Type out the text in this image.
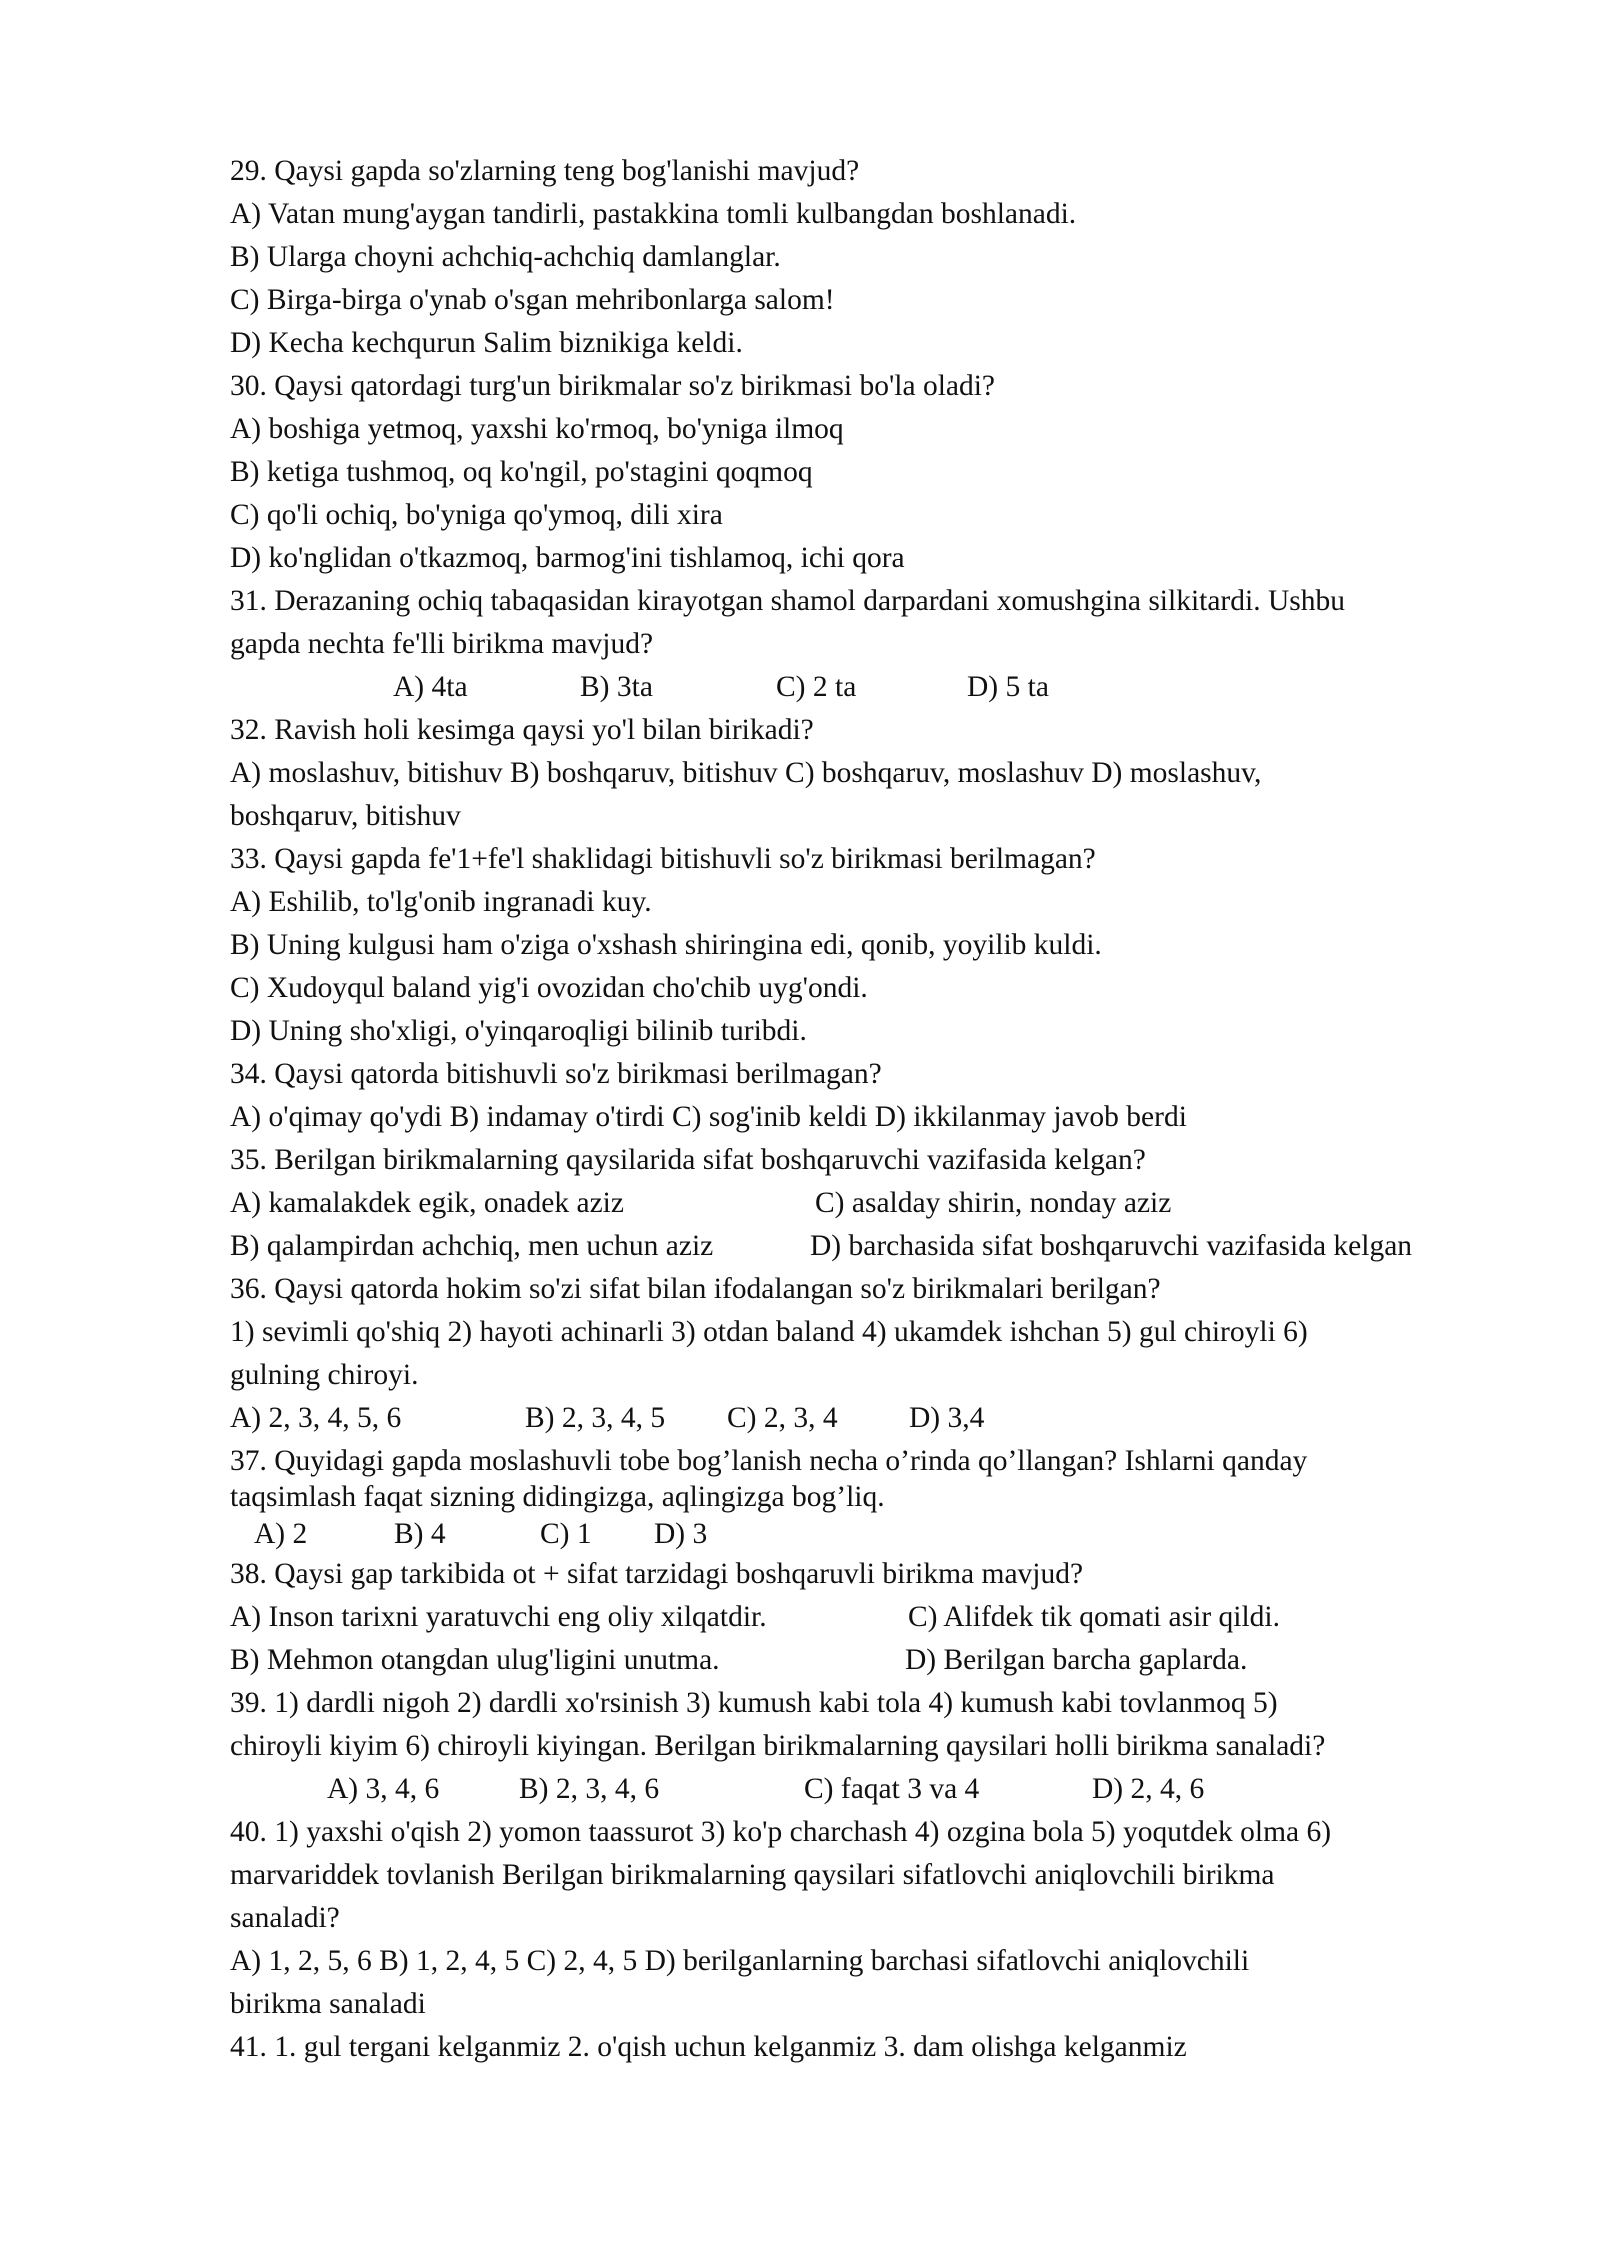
29. Qaysi gapda so'zlarning teng bog'lanishi mavjud?

A) Vatan mung'aygan tandirli, pastakkina tomli kulbangdan boshlanadi.

B) Ularga choyni achchiq-achchiq damlanglar.

C) Birga-birga o'ynab o'sgan mehribonlarga salom!

D) Kecha kechqurun Salim biznikiga keldi.

30. Qaysi qatordagi turg'un birikmalar so'z birikmasi bo'la oladi?

A) boshiga yetmoq, yaxshi ko'rmoq, bo'yniga ilmoq

B) ketiga tushmoq, oq ko'ngil, po'stagini qoqmoq

C) qo'li ochiq, bo'yniga qo'ymoq, dili xira

D) ko'nglidan o'tkazmoq, barmog'ini tishlamoq, ichi qora

31. Derazaning ochiq tabaqasidan kirayotgan shamol darpardani xomushgina silkitardi. Ushbu

gapda nechta fe'lli birikma mavjud?

A) 4ta	B) 3ta	C) 2 ta	D) 5 ta

32. Ravish holi kesimga qaysi yo'l bilan birikadi?

A) moslashuv, bitishuv B) boshqaruv, bitishuv C) boshqaruv, moslashuv D) moslashuv,

boshqaruv, bitishuv

33. Qaysi gapda fe'1+fe'l shaklidagi bitishuvli so'z birikmasi berilmagan?

A) Eshilib, to'lg'onib ingranadi kuy.

B) Uning kulgusi ham o'ziga o'xshash shiringina edi, qonib, yoyilib kuldi.

C) Xudoyqul baland yig'i ovozidan cho'chib uyg'ondi.

D) Uning sho'xligi, o'yinqaroqligi bilinib turibdi.

34. Qaysi qatorda bitishuvli so'z birikmasi berilmagan?

A) o'qimay qo'ydi B) indamay o'tirdi C) sog'inib keldi D) ikkilanmay javob berdi

35. Berilgan birikmalarning qaysilarida sifat boshqaruvchi vazifasida kelgan?

A) kamalakdek egik, onadek aziz	C) asalday shirin, nonday aziz

B) qalampirdan achchiq, men uchun aziz	D) barchasida sifat boshqaruvchi vazifasida kelgan

36. Qaysi qatorda hokim so'zi sifat bilan ifodalangan so'z birikmalari berilgan?

1) sevimli qo'shiq 2) hayoti achinarli 3) otdan baland 4) ukamdek ishchan 5) gul chiroyli 6)

gulning chiroyi.

A) 2, 3, 4, 5, 6	B) 2, 3, 4, 5 C) 2, 3, 4 D) 3,4

37. Quyidagi gapda moslashuvli tobe bog’lanish necha o’rinda qo’llangan? Ishlarni qanday

taqsimlash faqat sizning didingizga, aqlingizga bog’liq.

A) 2	B) 4	C) 1 D) 3

38. Qaysi gap tarkibida ot + sifat tarzidagi boshqaruvli birikma mavjud?

A) Inson tarixni yaratuvchi eng oliy xilqatdir.	C) Alifdek tik qomati asir qildi.

B) Mehmon otangdan ulug'ligini unutma.	D) Berilgan barcha gaplarda.

39. 1) dardli nigoh 2) dardli xo'rsinish 3) kumush kabi tola 4) kumush kabi tovlanmoq 5)

chiroyli kiyim 6) chiroyli kiyingan. Berilgan birikmalarning qaysilari holli birikma sanaladi?

A) 3, 4, 6	B) 2, 3, 4, 6	C) faqat 3 va 4	D) 2, 4, 6

40. 1) yaxshi o'qish 2) yomon taassurot 3) ko'p charchash 4) ozgina bola 5) yoqutdek olma 6)

marvariddek tovlanish Berilgan birikmalarning qaysilari sifatlovchi aniqlovchili birikma

sanaladi?

A) 1, 2, 5, 6 B) 1, 2, 4, 5 C) 2, 4, 5 D) berilganlarning barchasi sifatlovchi aniqlovchili

birikma sanaladi

41. 1. gul tergani kelganmiz 2. o'qish uchun kelganmiz 3. dam olishga kelganmiz
